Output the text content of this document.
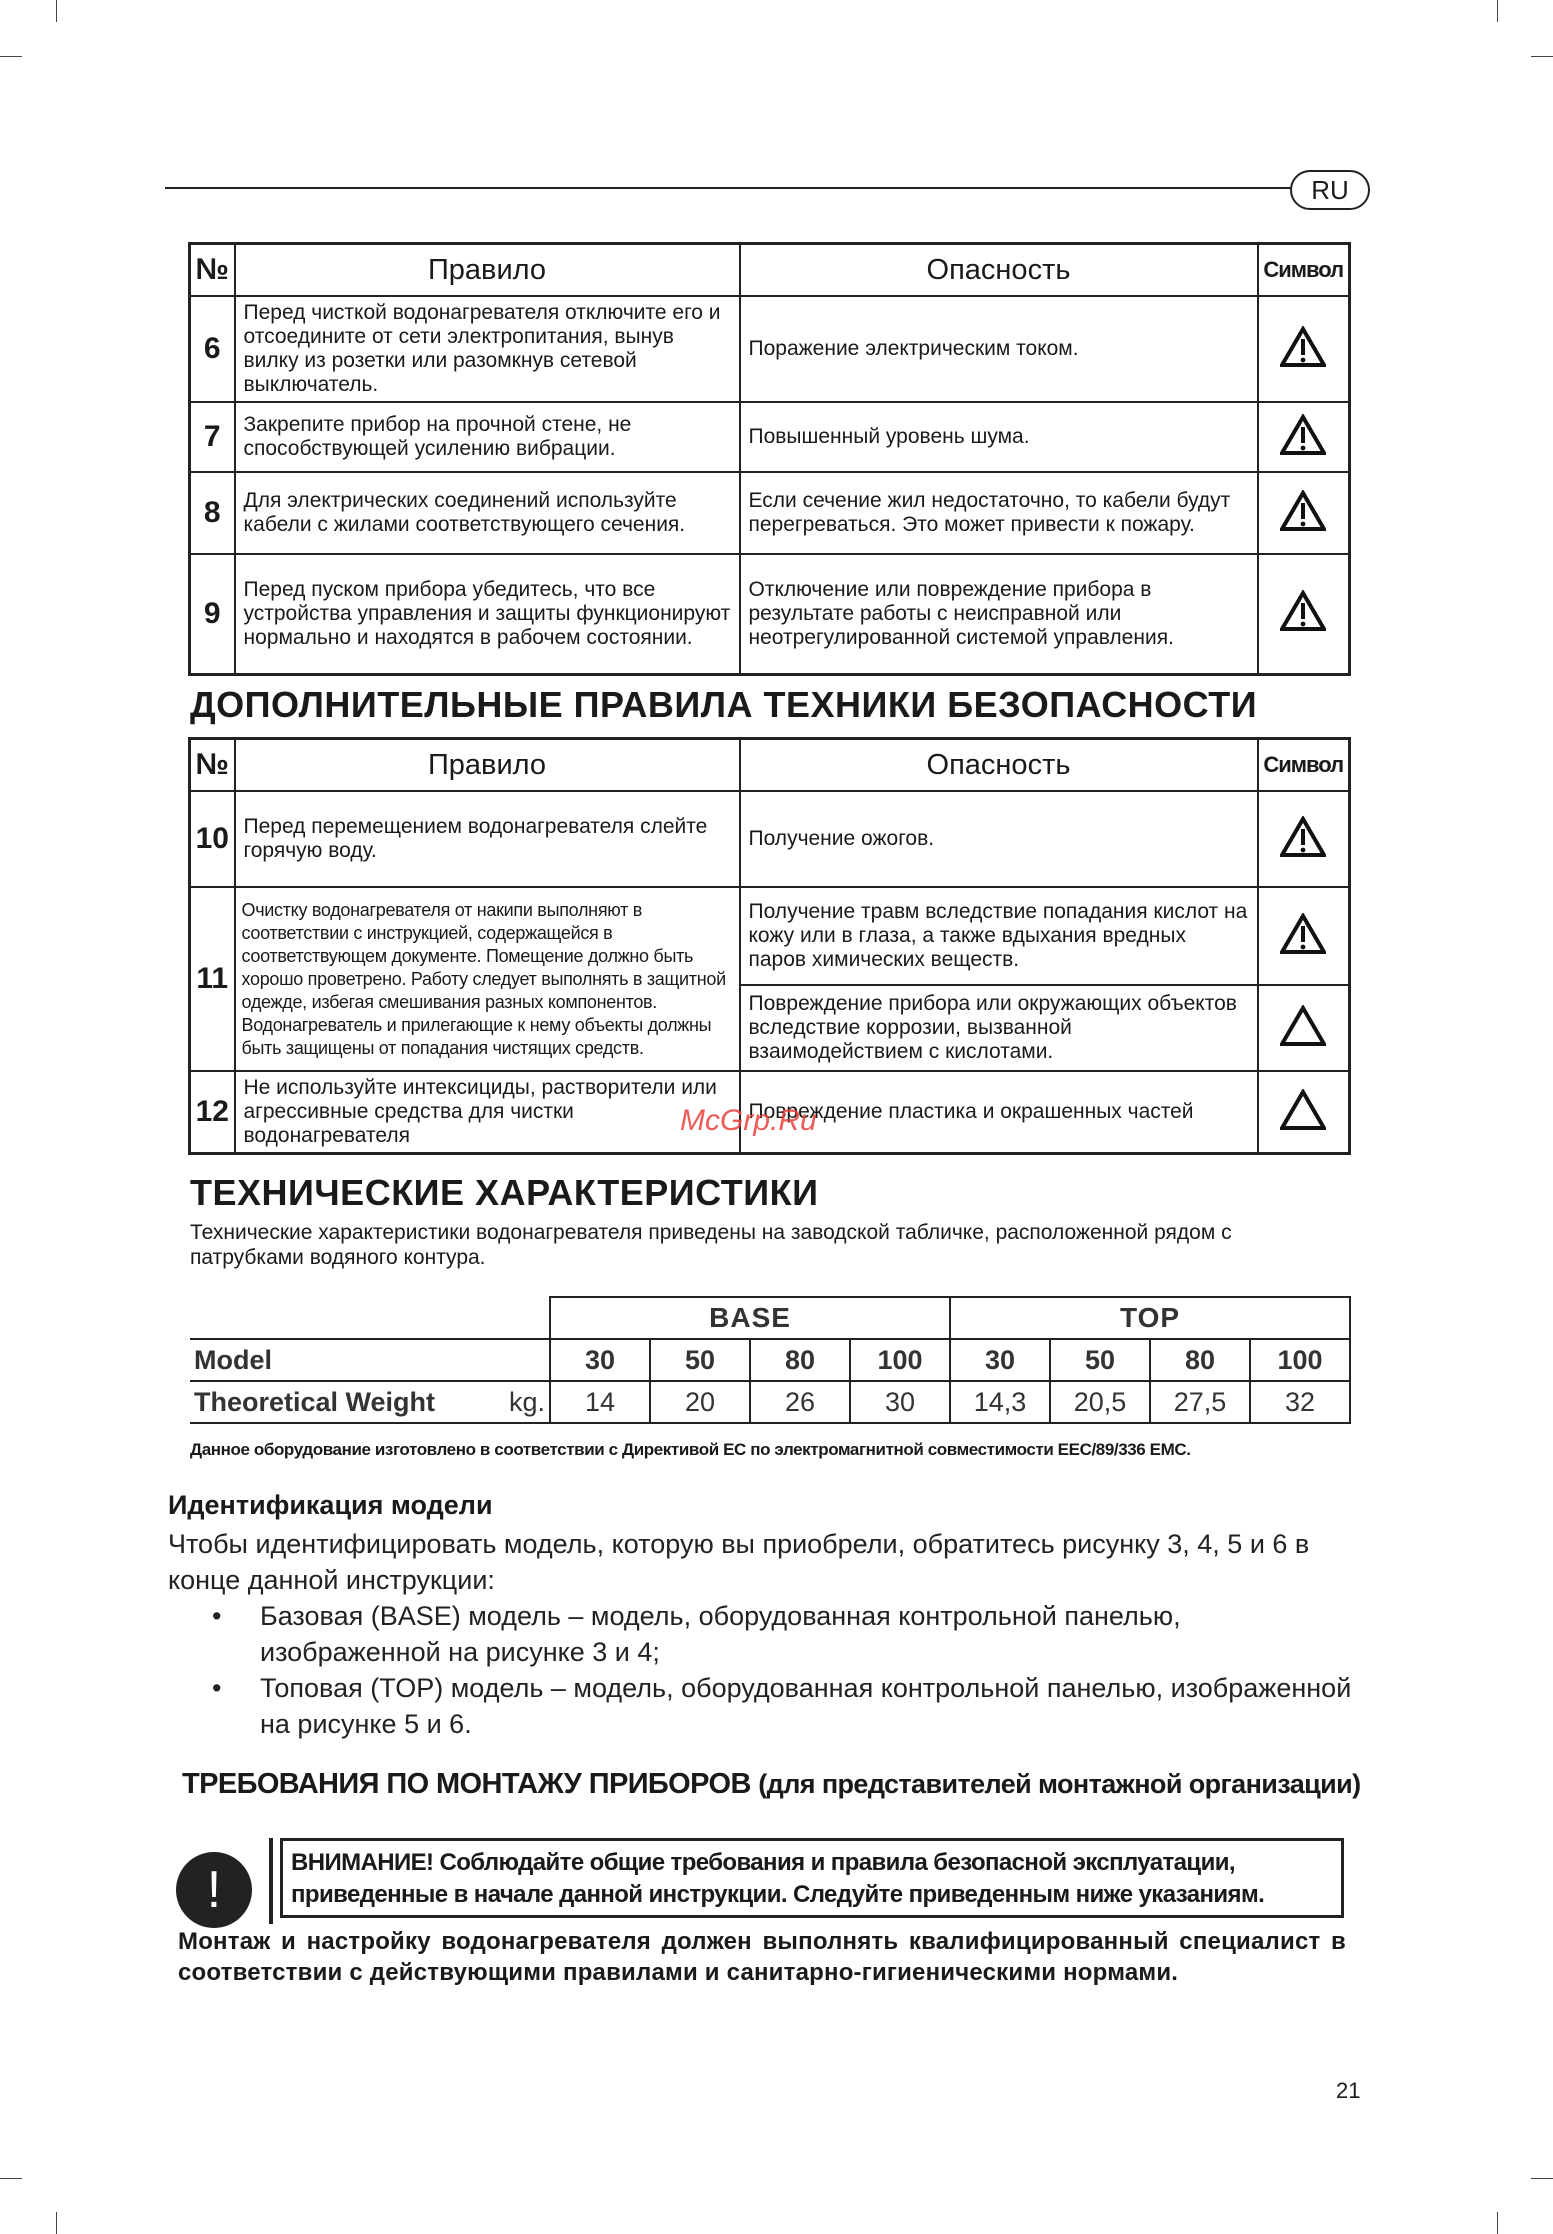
RU
№	Правило	Опасность	Символ
6	Перед чисткой водонагревателя отключите его и отсоедините от сети электропитания, вынув вилку из розетки или разомкнув сетевой выключатель.	Поражение электрическим током.	
7	Закрепите прибор на прочной стене, не способствующей усилению вибрации.	Повышенный уровень шума.	
8	Для электрических соединений используйте кабели с жилами соответствующего сечения.	Если сечение жил недостаточно, то кабели будут перегреваться. Это может привести к пожару.	
9	Перед пуском прибора убедитесь, что все устройства управления и защиты функционируют нормально и находятся в рабочем состоянии.	Отключение или повреждение прибора в результате работы с неисправной или неотрегулированной системой управления.	
ДОПОЛНИТЕЛЬНЫЕ ПРАВИЛА ТЕХНИКИ БЕЗОПАСНОСТИ
№	Правило	Опасность	Символ
10	Перед перемещением водонагревателя слейте горячую воду.	Получение ожогов.	
11	Очистку водонагревателя от накипи выполняют в соответствии с инструкцией, содержащейся в соответствующем документе. Помещение должно быть хорошо проветрено. Работу следует выполнять в защитной одежде, избегая смешивания разных компонентов. Водонагреватель и прилегающие к нему объекты должны быть защищены от попадания чистящих средств.	Получение травм вследствие попадания кислот на кожу или в глаза, а также вдыхания вредных паров химических веществ.	
		Повреждение прибора или окружающих объектов вследствие коррозии, вызванной взаимодействием с кислотами.	
12	Не используйте интексициды, растворители или агрессивные средства для чистки водонагревателя	Повреждение пластика и окрашенных частей	
McGrp.Ru
ТЕХНИЧЕСКИЕ ХАРАКТЕРИСТИКИ
Технические характеристики водонагревателя приведены на заводской табличке, расположенной рядом с патрубками водяного контура.
		BASE				TOP			
Model		30	50	80	100	30	50	80	100
Theoretical Weight	kg.	14	20	26	30	14,3	20,5	27,5	32
Данное оборудование изготовлено в соответствии с Директивой ЕС по электромагнитной совместимости EEC/89/336 EMC.
Идентификация модели
Чтобы идентифицировать модель, которую вы приобрели, обратитесь рисунку 3, 4, 5 и 6 в конце данной инструкции:
• Базовая (BASE) модель – модель, оборудованная контрольной панелью, изображенной на рисунке 3 и 4;
• Топовая (TOP) модель – модель, оборудованная контрольной панелью, изображенной на рисунке 5 и 6.
ТРЕБОВАНИЯ ПО МОНТАЖУ ПРИБОРОВ (для представителей монтажной организации)
!	ВНИМАНИЕ! Соблюдайте общие требования и правила безопасной эксплуатации, приведенные в начале данной инструкции. Следуйте приведенным ниже указаниям.
Монтаж и настройку водонагревателя должен выполнять квалифицированный специалист в соответствии с действующими правилами и санитарно-гигиеническими нормами.
21
